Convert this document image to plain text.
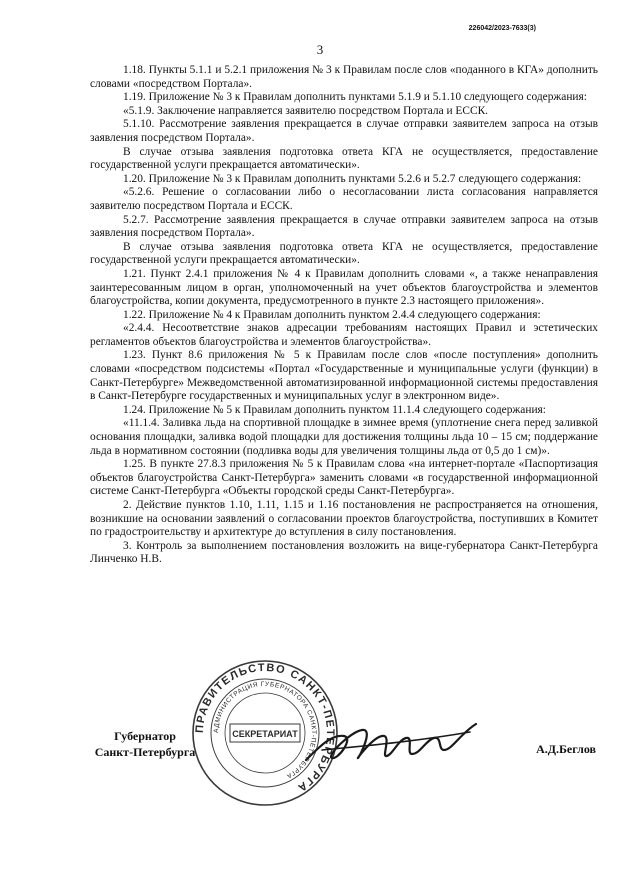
226042/2023-7633(3)
3

1.18. Пункты 5.1.1 и 5.2.1 приложения № 3 к Правилам после слов «поданного в КГА» дополнить словами «посредством Портала».

1.19. Приложение № 3 к Правилам дополнить пунктами 5.1.9 и 5.1.10 следующего содержания:

«5.1.9. Заключение направляется заявителю посредством Портала и ЕССК.

5.1.10. Рассмотрение заявления прекращается в случае отправки заявителем запроса на отзыв заявления посредством Портала».

В случае отзыва заявления подготовка ответа КГА не осуществляется, предоставление государственной услуги прекращается автоматически».

1.20. Приложение № 3 к Правилам дополнить пунктами 5.2.6 и 5.2.7 следующего содержания:

«5.2.6. Решение о согласовании либо о несогласовании листа согласования направляется заявителю посредством Портала и ЕССК.

5.2.7. Рассмотрение заявления прекращается в случае отправки заявителем запроса на отзыв заявления посредством Портала».

В случае отзыва заявления подготовка ответа КГА не осуществляется, предоставление государственной услуги прекращается автоматически».

1.21. Пункт 2.4.1 приложения № 4 к Правилам дополнить словами «, а также ненаправления заинтересованным лицом в орган, уполномоченный на учет объектов благоустройства и элементов благоустройства, копии документа, предусмотренного в пункте 2.3 настоящего приложения».

1.22. Приложение № 4 к Правилам дополнить пунктом 2.4.4 следующего содержания:

«2.4.4. Несоответствие знаков адресации требованиям настоящих Правил и эстетических регламентов объектов благоустройства и элементов благоустройства».

1.23. Пункт 8.6 приложения № 5 к Правилам после слов «после поступления» дополнить словами «посредством подсистемы «Портал «Государственные и муниципальные услуги (функции) в Санкт-Петербурге» Межведомственной автоматизированной информационной системы предоставления в Санкт-Петербурге государственных и муниципальных услуг в электронном виде».

1.24. Приложение № 5 к Правилам дополнить пунктом 11.1.4 следующего содержания:

«11.1.4. Заливка льда на спортивной площадке в зимнее время (уплотнение снега перед заливкой основания площадки, заливка водой площадки для достижения толщины льда 10 – 15 см; поддержание льда в нормативном состоянии (подливка воды для увеличения толщины льда от 0,5 до 1 см)».

1.25. В пункте 27.8.3 приложения № 5 к Правилам слова «на интернет-портале «Паспортизация объектов благоустройства Санкт-Петербурга» заменить словами «в государственной информационной системе Санкт-Петербурга «Объекты городской среды Санкт-Петербурга».

2. Действие пунктов 1.10, 1.11, 1.15 и 1.16 постановления не распространяется на отношения, возникшие на основании заявлений о согласовании проектов благоустройства, поступивших в Комитет по градостроительству и архитектуре до вступления в силу постановления.

3. Контроль за выполнением постановления возложить на вице-губернатора Санкт-Петербурга Линченко Н.В.

ПРАВИТЕЛЬСТВО САНКТ-ПЕТЕРБУРГА
АДМИНИСТРАЦИЯ ГУБЕРНАТОРА САНКТ-ПЕТЕРБУРГА
СЕКРЕТАРИАТ
Губернатор
Санкт-Петербурга	А.Д.Беглов
